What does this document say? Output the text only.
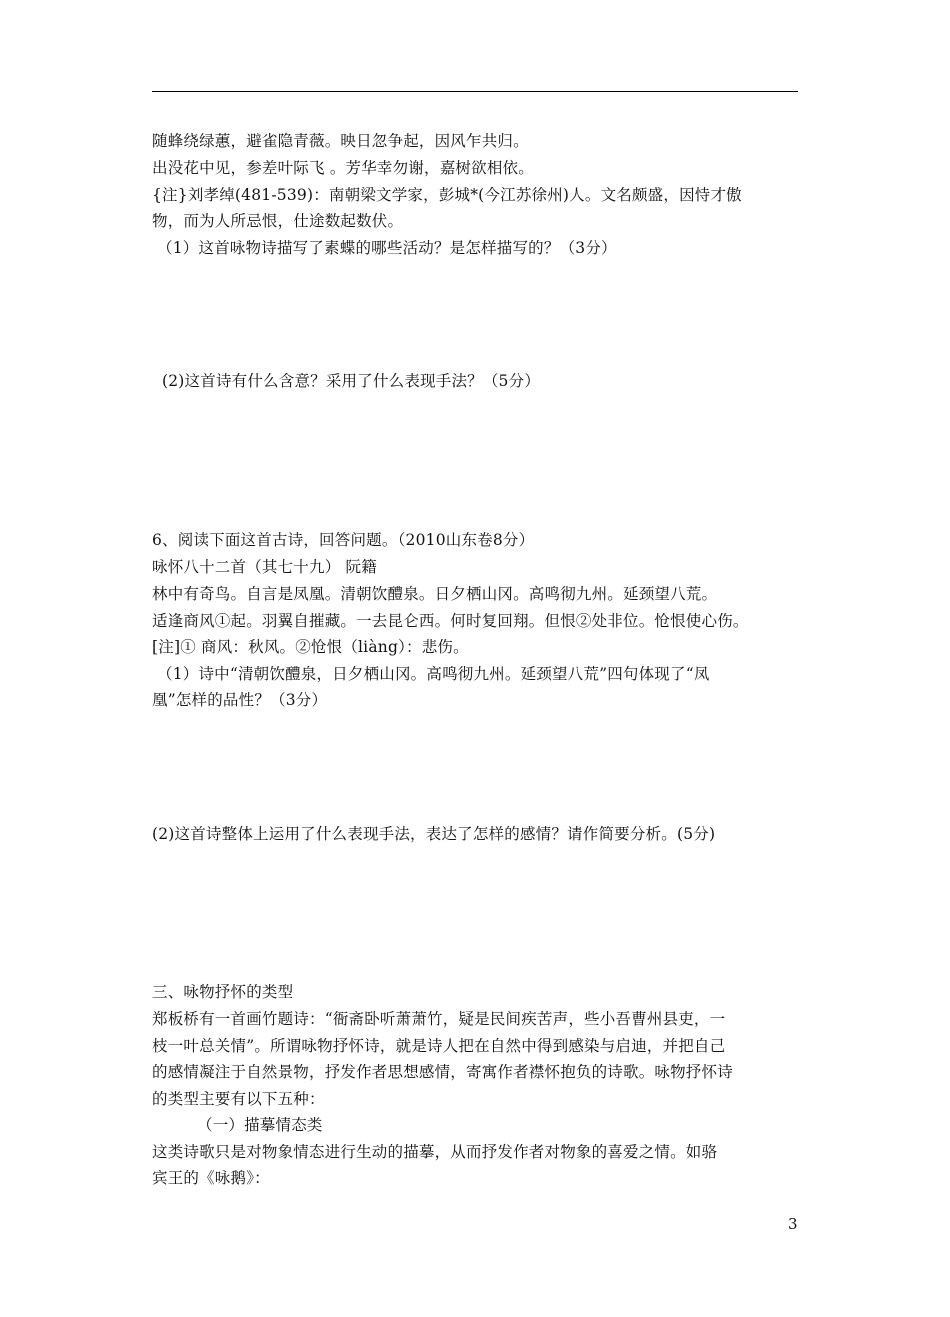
随蜂绕绿蕙，避雀隐青薇。映日忽争起，因风乍共归。
出没花中见，参差叶际飞 。芳华幸勿谢，嘉树欲相依。
{注}刘孝绰(481-539)：南朝梁文学家，彭城*(今江苏徐州)人。文名颇盛，因恃才傲
物，而为人所忌恨，仕途数起数伏。
（1）这首咏物诗描写了素蝶的哪些活动？是怎样描写的？（3分）
(2)这首诗有什么含意？采用了什么表现手法？（5分）
6、阅读下面这首古诗，回答问题。（2010山东卷8分）
咏怀八十二首（其七十九） 阮籍
林中有奇鸟。自言是凤凰。清朝饮醴泉。日夕栖山冈。高鸣彻九州。延颈望八荒。
适逢商风①起。羽翼自摧藏。一去昆仑西。何时复回翔。但恨②处非位。怆恨使心伤。
[注]① 商风：秋风。②怆恨（liàng）：悲伤。
（1）诗中“清朝饮醴泉，日夕栖山冈。高鸣彻九州。延颈望八荒”四句体现了“凤
凰”怎样的品性？（3分）
(2)这首诗整体上运用了什么表现手法，表达了怎样的感情？请作简要分析。(5分)
三、咏物抒怀的类型
郑板桥有一首画竹题诗：“衙斋卧听萧萧竹，疑是民间疾苦声，些小吾曹州县吏，一
枝一叶总关情”。所谓咏物抒怀诗，就是诗人把在自然中得到感染与启迪，并把自己
的感情凝注于自然景物，抒发作者思想感情，寄寓作者襟怀抱负的诗歌。咏物抒怀诗
的类型主要有以下五种：
（一）描摹情态类
这类诗歌只是对物象情态进行生动的描摹，从而抒发作者对物象的喜爱之情。如骆
宾王的《咏鹅》：
3
